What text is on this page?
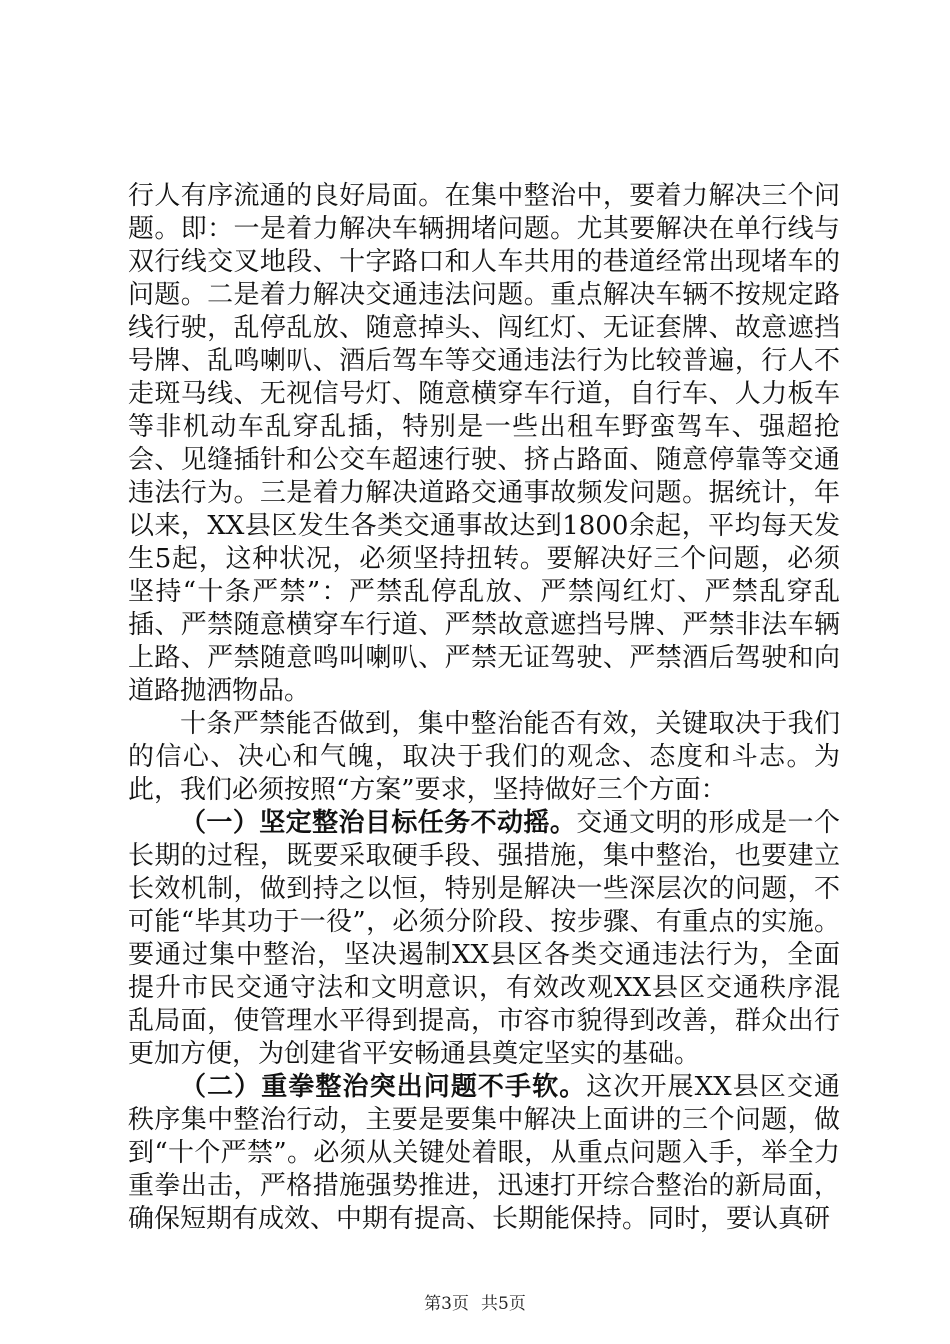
行人有序流通的良好局面。在集中整治中，要着力解决三个问题。即：一是着力解决车辆拥堵问题。尤其要解决在单行线与双行线交叉地段、十字路口和人车共用的巷道经常出现堵车的问题。二是着力解决交通违法问题。重点解决车辆不按规定路线行驶，乱停乱放、随意掉头、闯红灯、无证套牌、故意遮挡号牌、乱鸣喇叭、酒后驾车等交通违法行为比较普遍，行人不走斑马线、无视信号灯、随意横穿车行道，自行车、人力板车等非机动车乱穿乱插，特别是一些出租车野蛮驾车、强超抢会、见缝插针和公交车超速行驶、挤占路面、随意停靠等交通违法行为。三是着力解决道路交通事故频发问题。据统计，年以来，XX县区发生各类交通事故达到1800余起，平均每天发生5起，这种状况，必须坚持扭转。要解决好三个问题，必须坚持“十条严禁”：严禁乱停乱放、严禁闯红灯、严禁乱穿乱插、严禁随意横穿车行道、严禁故意遮挡号牌、严禁非法车辆上路、严禁随意鸣叫喇叭、严禁无证驾驶、严禁酒后驾驶和向道路抛洒物品。

十条严禁能否做到，集中整治能否有效，关键取决于我们的信心、决心和气魄，取决于我们的观念、态度和斗志。为此，我们必须按照“方案”要求，坚持做好三个方面：

（一）坚定整治目标任务不动摇。交通文明的形成是一个长期的过程，既要采取硬手段、强措施，集中整治，也要建立长效机制，做到持之以恒，特别是解决一些深层次的问题，不可能“毕其功于一役”，必须分阶段、按步骤、有重点的实施。要通过集中整治，坚决遏制XX县区各类交通违法行为，全面提升市民交通守法和文明意识，有效改观XX县区交通秩序混乱局面，使管理水平得到提高，市容市貌得到改善，群众出行更加方便，为创建省平安畅通县奠定坚实的基础。

（二）重拳整治突出问题不手软。这次开展XX县区交通秩序集中整治行动，主要是要集中解决上面讲的三个问题，做到“十个严禁”。必须从关键处着眼，从重点问题入手，举全力重拳出击，严格措施强势推进，迅速打开综合整治的新局面，确保短期有成效、中期有提高、长期能保持。同时，要认真研

第3页 共5页
